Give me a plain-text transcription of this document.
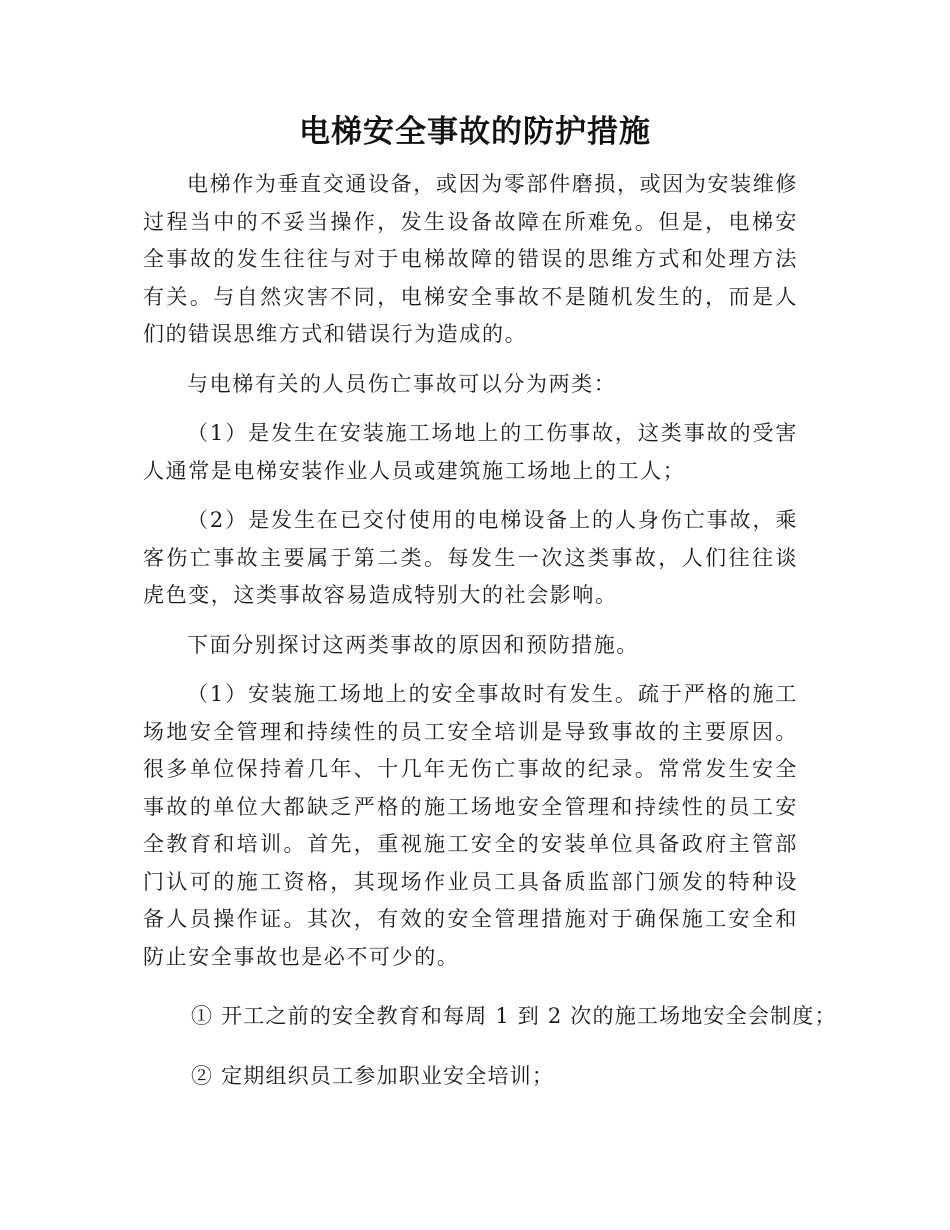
电梯安全事故的防护措施

电梯作为垂直交通设备，或因为零部件磨损，或因为安装维修过程当中的不妥当操作，发生设备故障在所难免。但是，电梯安全事故的发生往往与对于电梯故障的错误的思维方式和处理方法有关。与自然灾害不同，电梯安全事故不是随机发生的，而是人们的错误思维方式和错误行为造成的。

与电梯有关的人员伤亡事故可以分为两类：

（1）是发生在安装施工场地上的工伤事故，这类事故的受害人通常是电梯安装作业人员或建筑施工场地上的工人；

（2）是发生在已交付使用的电梯设备上的人身伤亡事故，乘客伤亡事故主要属于第二类。每发生一次这类事故，人们往往谈虎色变，这类事故容易造成特别大的社会影响。

下面分别探讨这两类事故的原因和预防措施。

（1）安装施工场地上的安全事故时有发生。疏于严格的施工场地安全管理和持续性的员工安全培训是导致事故的主要原因。很多单位保持着几年、十几年无伤亡事故的纪录。常常发生安全事故的单位大都缺乏严格的施工场地安全管理和持续性的员工安全教育和培训。首先，重视施工安全的安装单位具备政府主管部门认可的施工资格，其现场作业员工具备质监部门颁发的特种设备人员操作证。其次，有效的安全管理措施对于确保施工安全和防止安全事故也是必不可少的。

① 开工之前的安全教育和每周 1 到 2 次的施工场地安全会制度；

② 定期组织员工参加职业安全培训；
